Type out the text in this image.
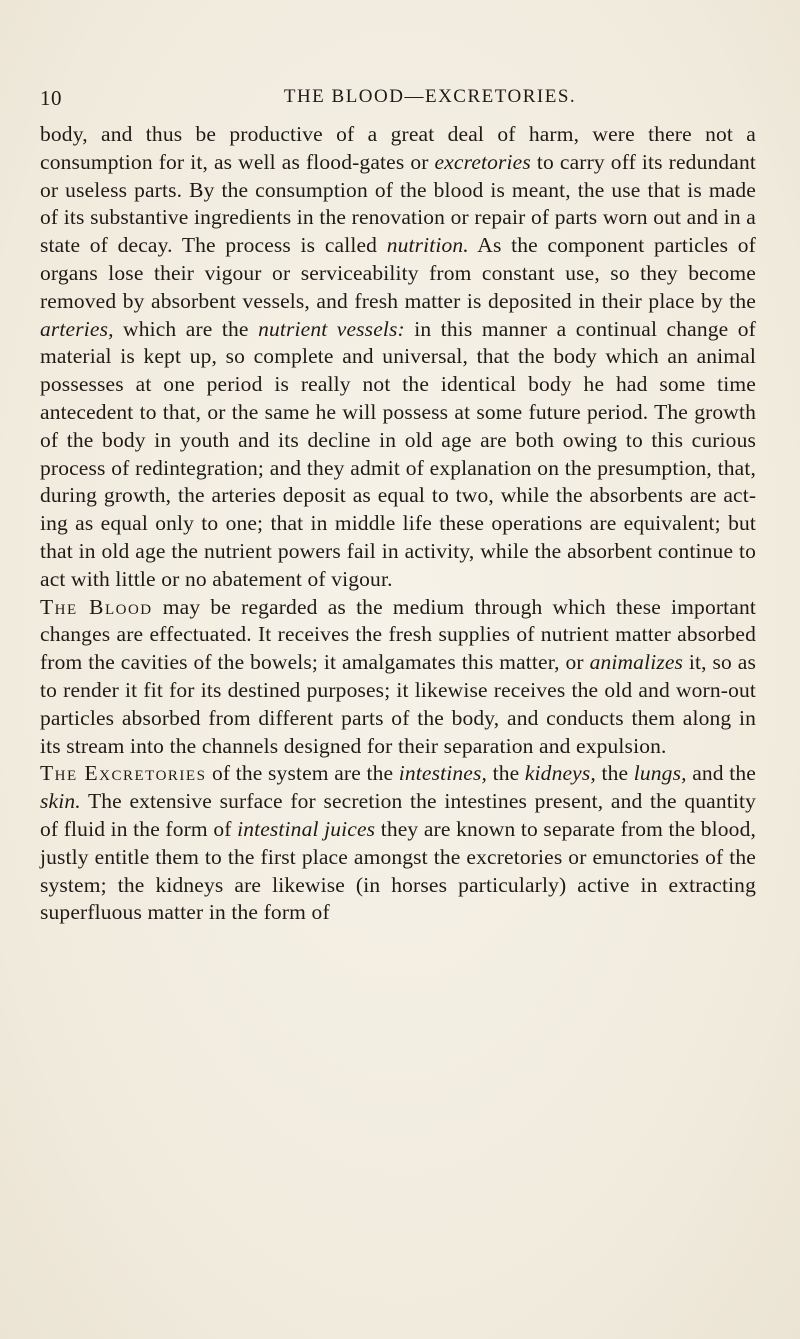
10	THE BLOOD—EXCRETORIES.

body, and thus be productive of a great deal of harm, were there not a consumption for it, as well as flood-gates or excretories to carry off its redundant or useless parts. By the consumption of the blood is meant, the use that is made of its substantive ingredients in the renovation or repair of parts worn out and in a state of decay. The process is called nutrition. As the component particles of organs lose their vigour or serviceability from constant use, so they become removed by absorbent vessels, and fresh matter is deposited in their place by the arteries, which are the nutrient vessels: in this manner a continual change of material is kept up, so complete and universal, that the body which an animal possesses at one period is really not the identical body he had some time antecedent to that, or the same he will possess at some future period. The growth of the body in youth and its decline in old age are both owing to this curious process of redintegration; and they admit of explanation on the presumption, that, during growth, the arteries deposit as equal to two, while the absorbents are acting as equal only to one; that in middle life these operations are equivalent; but that in old age the nutrient powers fail in activity, while the absorbent continue to act with little or no abatement of vigour.

The Blood may be regarded as the medium through which these important changes are effectuated. It receives the fresh supplies of nutrient matter absorbed from the cavities of the bowels; it amalgamates this matter, or animalizes it, so as to render it fit for its destined purposes; it likewise receives the old and worn-out particles absorbed from different parts of the body, and conducts them along in its stream into the channels designed for their separation and expulsion.

The Excretories of the system are the intestines, the kidneys, the lungs, and the skin. The extensive surface for secretion the intestines present, and the quantity of fluid in the form of intestinal juices they are known to separate from the blood, justly entitle them to the first place amongst the excretories or emunctories of the system; the kidneys are likewise (in horses particularly) active in extracting superfluous matter in the form of
